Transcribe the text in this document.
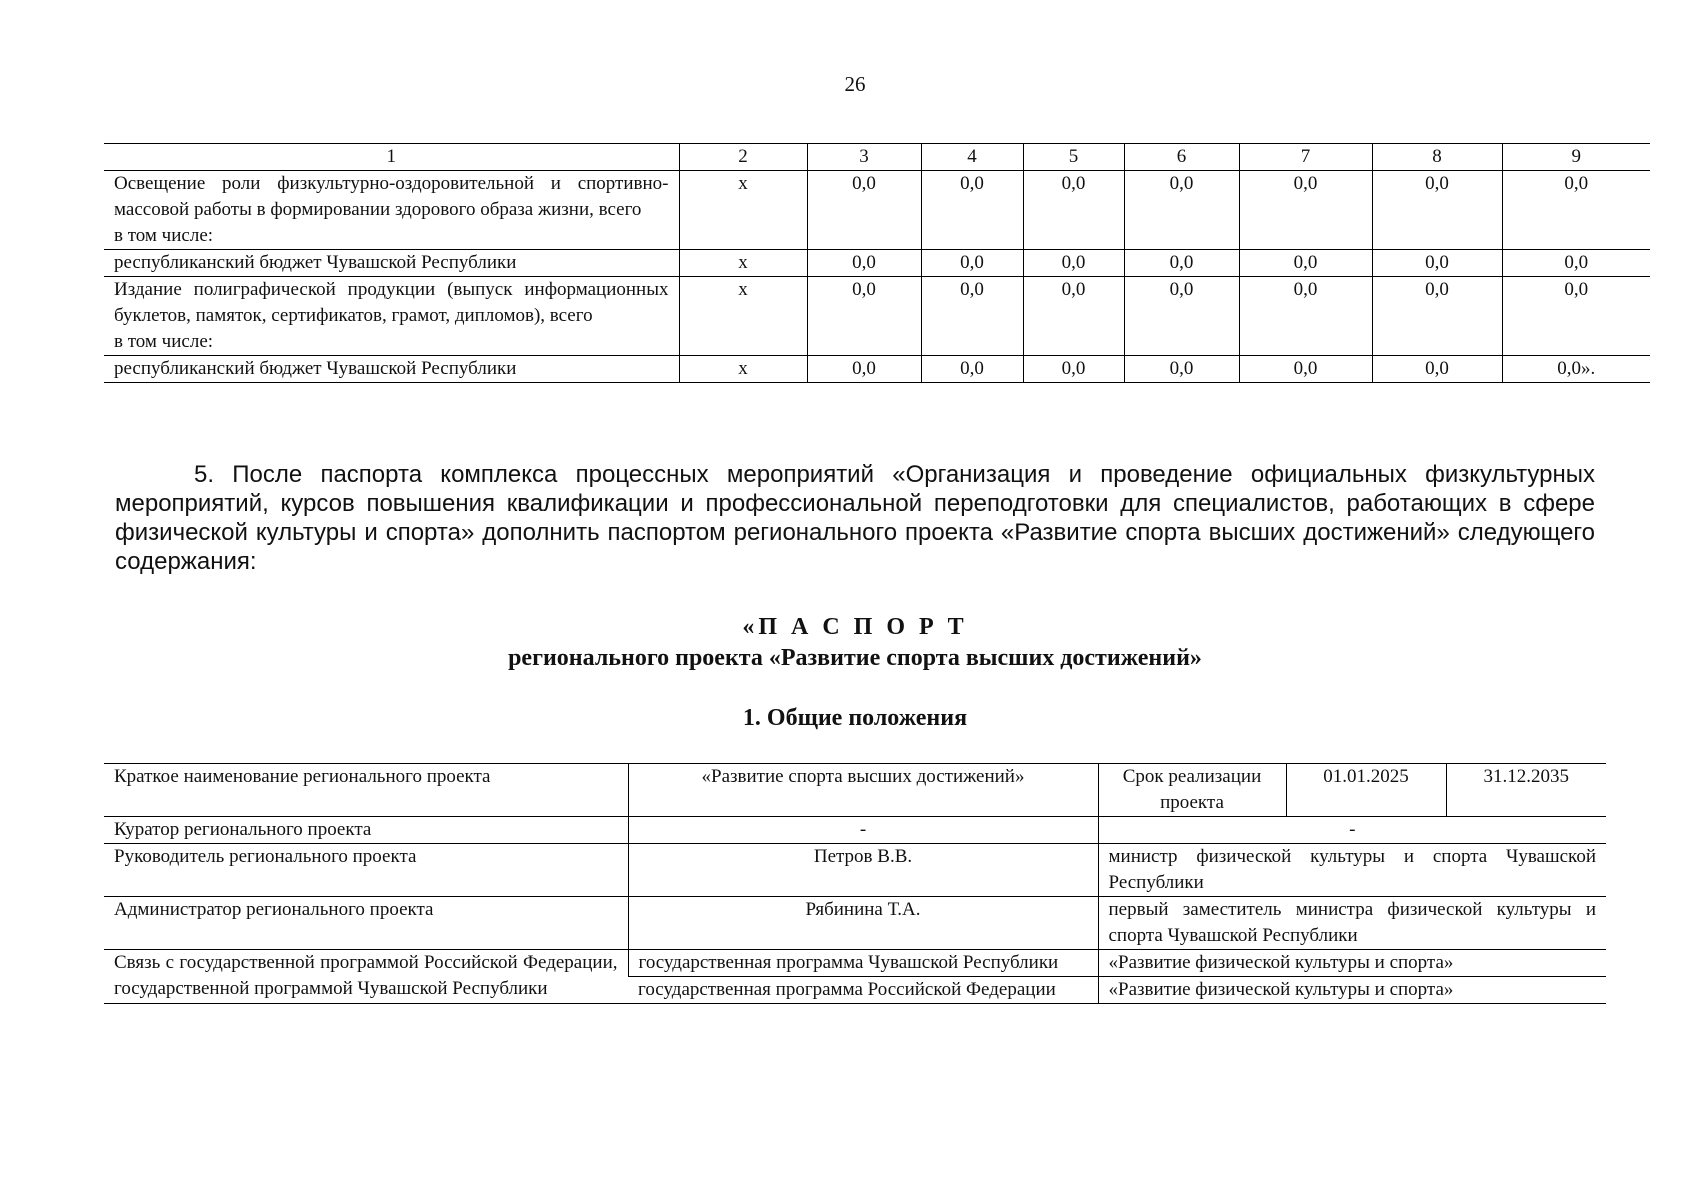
26
1	2	3	4	5	6	7	8	9

Освещение роли физкультурно-оздоровительной и спортивно-массовой работы в формировании здорового образа жизни, всего
в том числе:	х	0,0	0,0	0,0	0,0	0,0	0,0	0,0
республиканский бюджет Чувашской Республики	х	0,0	0,0	0,0	0,0	0,0	0,0	0,0

Издание полиграфической продукции (выпуск информационных буклетов, памяток, сертификатов, грамот, дипломов), всего
в том числе:	х	0,0	0,0	0,0	0,0	0,0	0,0	0,0
республиканский бюджет Чувашской Республики	х	0,0	0,0	0,0	0,0	0,0	0,0	0,0».
5. После паспорта комплекса процессных мероприятий «Организация и проведение официальных физкультурных мероприятий, курсов повышения квалификации и профессиональной переподготовки для специалистов, работающих в сфере физической культуры и спорта» дополнить паспортом регионального проекта «Развитие спорта высших достижений» следующего содержания:
«П А С П О Р Т
регионального проекта «Развитие спорта высших достижений»
1. Общие положения
Краткое наименование регионального проекта	«Развитие спорта высших достижений»	Срок реализации проекта	01.01.2025	31.12.2035
Куратор регионального проекта	-	-		
Руководитель регионального проекта	Петров В.В.	министр физической культуры и спорта Чувашской Республики		
Администратор регионального проекта	Рябинина Т.А.	первый заместитель министра физической культуры и спорта Чувашской Республики		
Связь с государственной программой Российской Федерации, государственной программой Чувашской Республики	государственная программа Чувашской Республики	«Развитие физической культуры и спорта»		
	государственная программа Российской Федерации	«Развитие физической культуры и спорта»		
